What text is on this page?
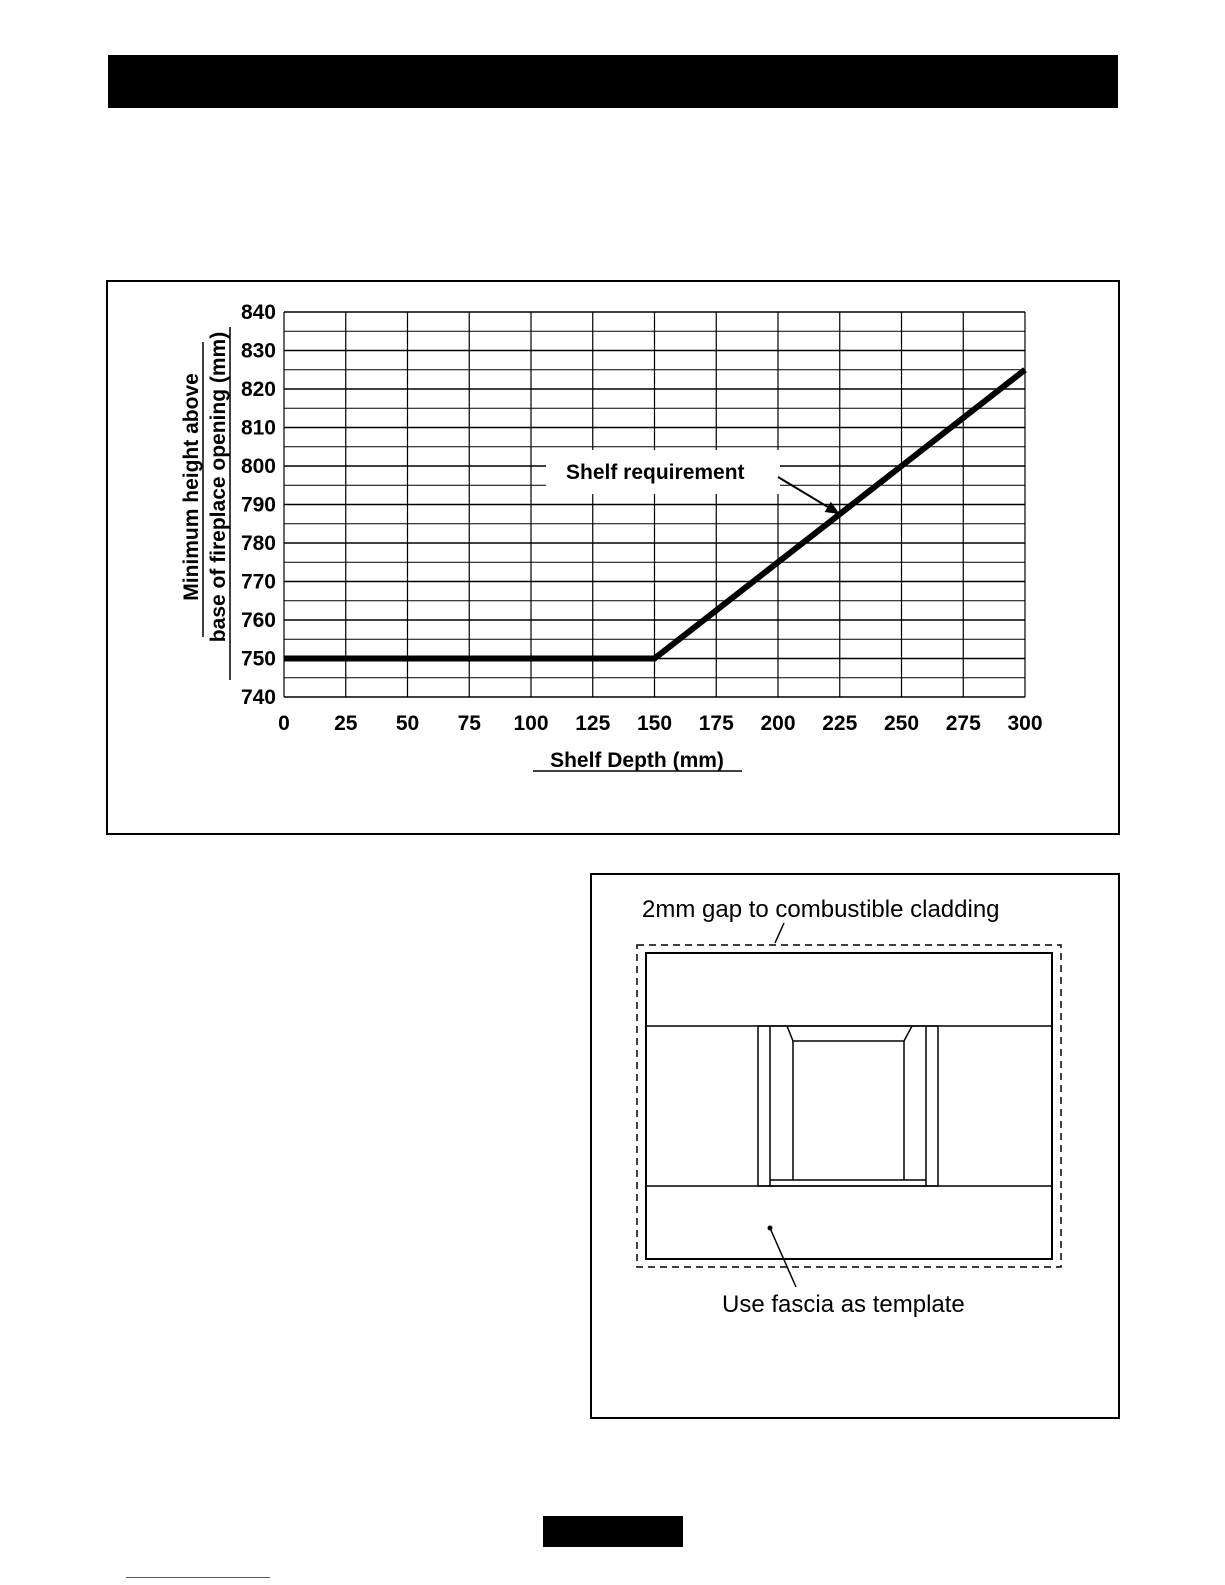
740
750
760
770
780
790
800
810
820
830
840
0 25 50 75 100 125 150 175 200 225 250 275 300
Shelf requirement
Shelf Depth (mm)
Minimum height above base of fireplace opening (mm)
2mm gap to combustible cladding
Use fascia as template
